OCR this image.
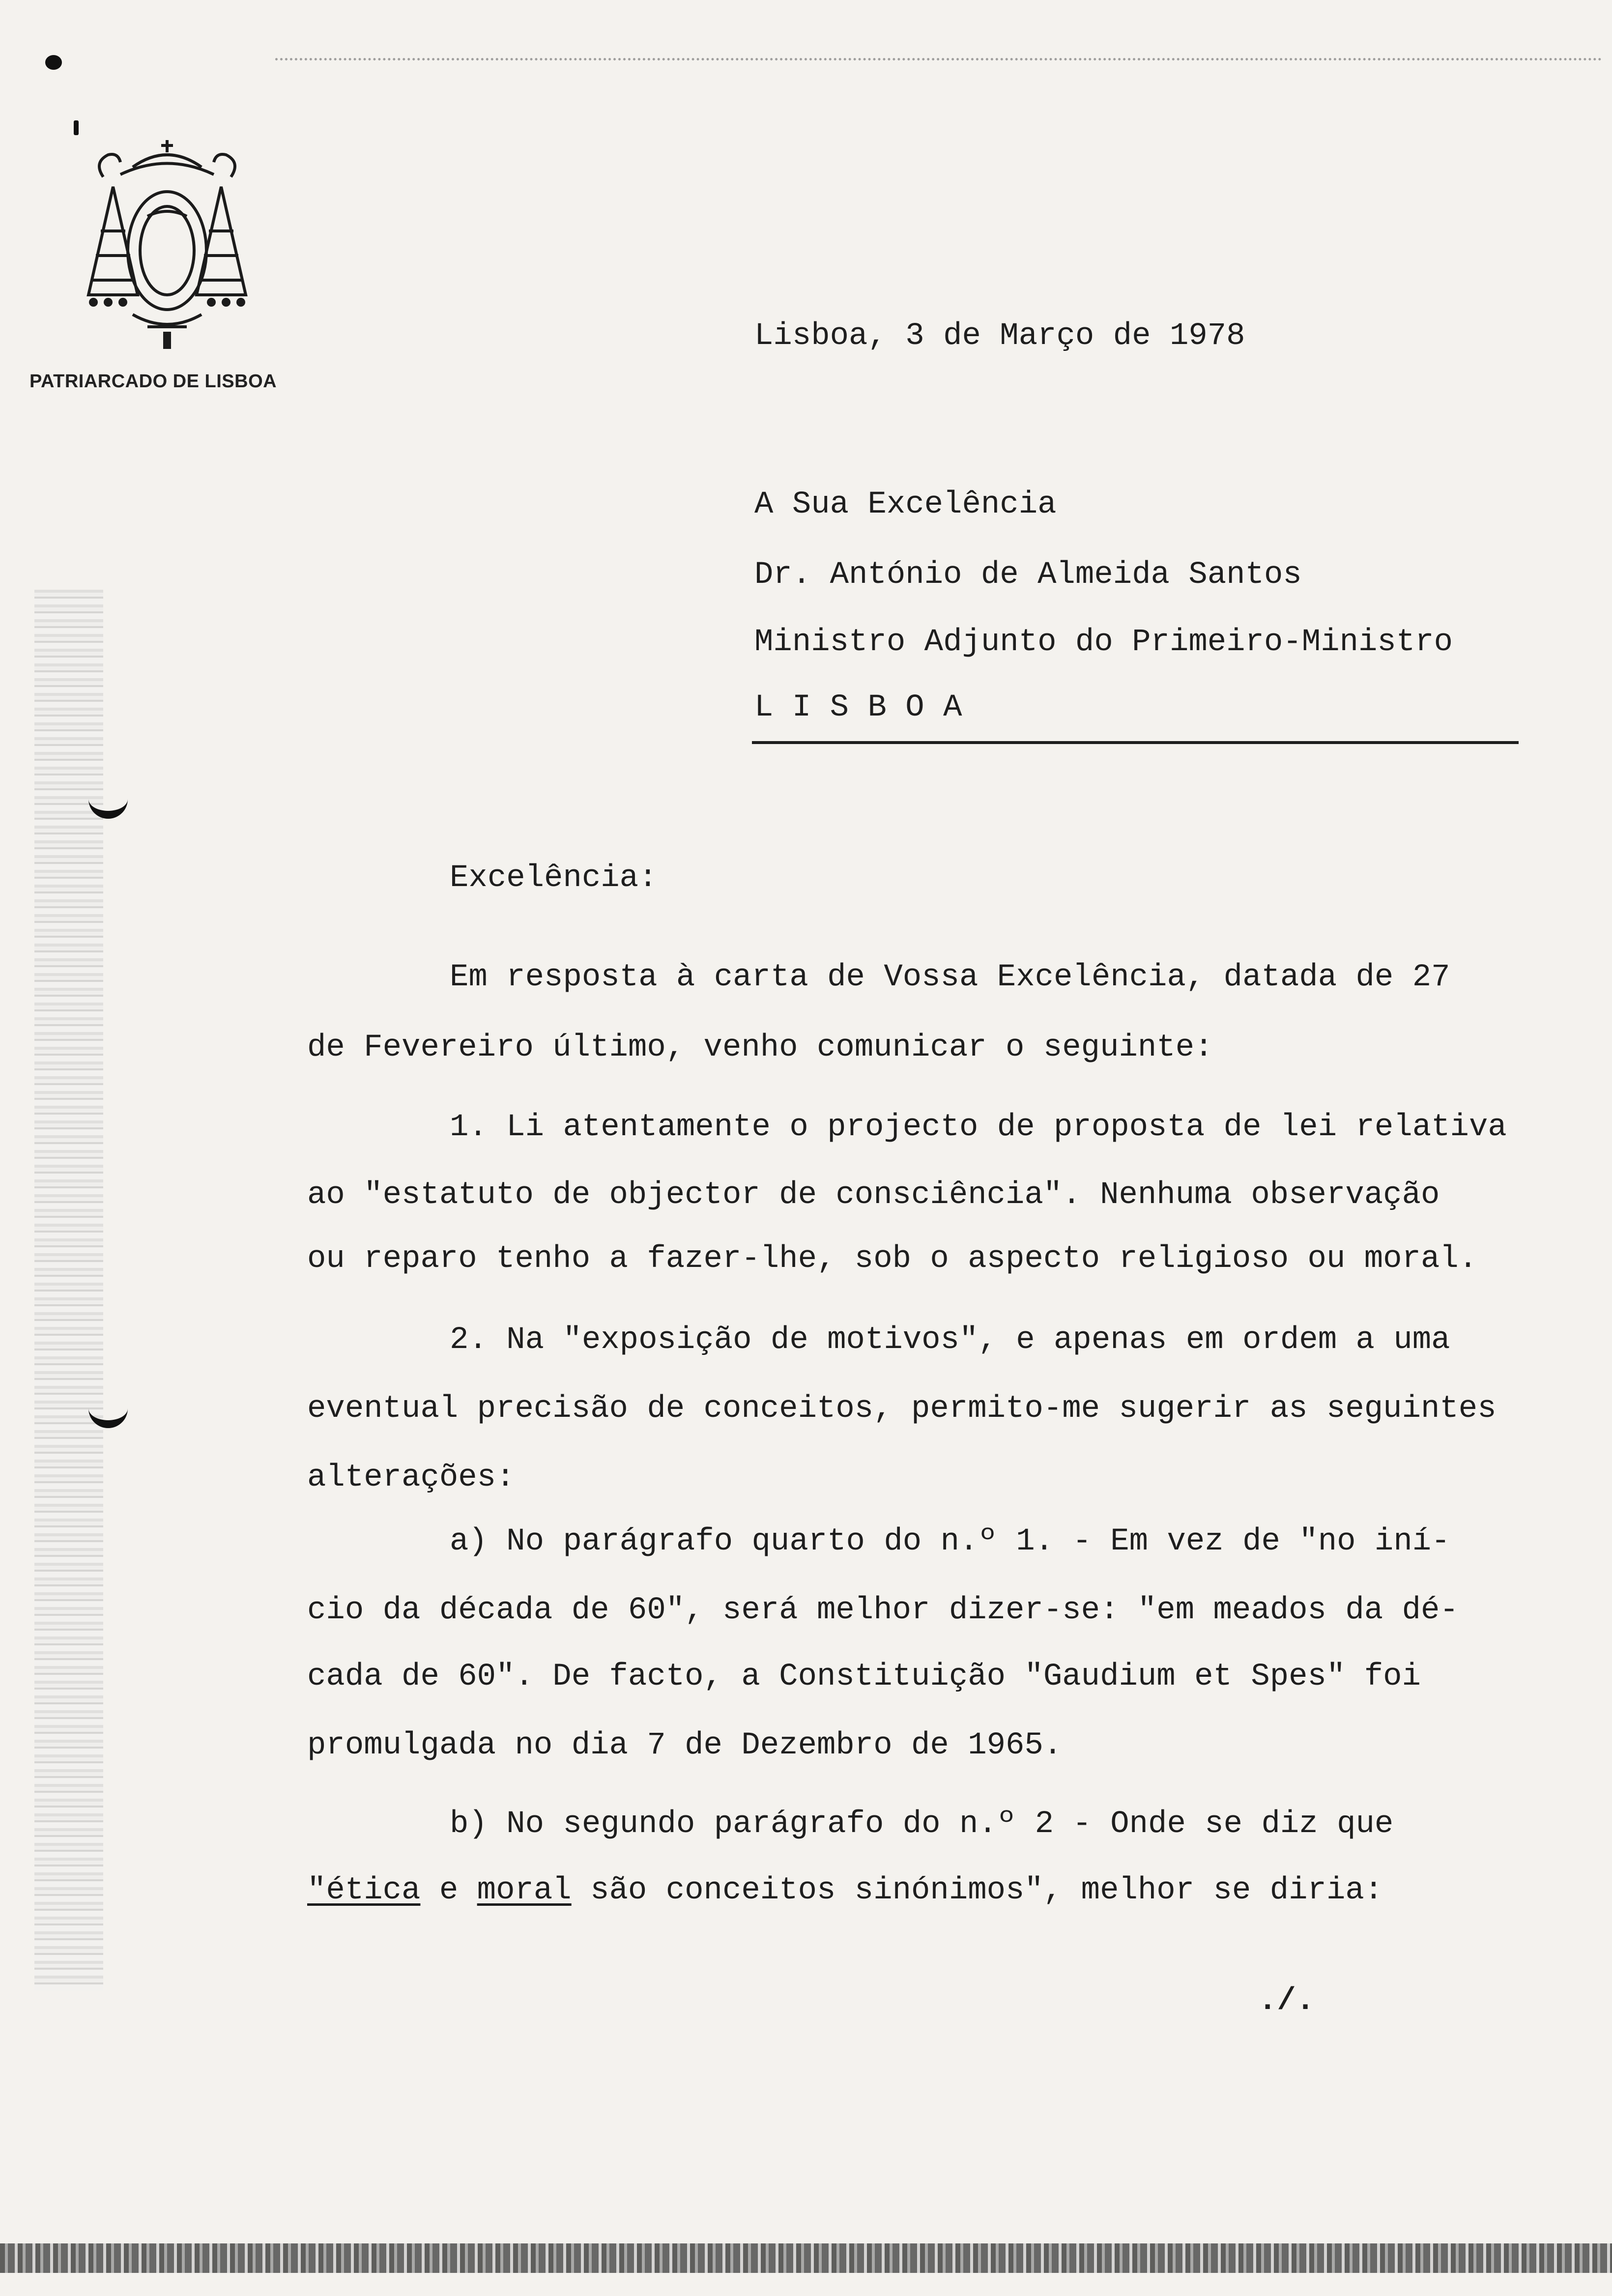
PATRIARCADO DE LISBOA
Lisboa, 3 de Março de 1978
A Sua Excelência
Dr. António de Almeida Santos
Ministro Adjunto do Primeiro-Ministro
L I S B O A
Excelência:
Em resposta à carta de Vossa Excelência, datada de 27
de Fevereiro último, venho comunicar o seguinte:
1. Li atentamente o projecto de proposta de lei relativa
ao "estatuto de objector de consciência". Nenhuma observação
ou reparo tenho a fazer-lhe, sob o aspecto religioso ou moral.
2. Na "exposição de motivos", e apenas em ordem a uma
eventual precisão de conceitos, permito-me sugerir as seguintes
alterações:
a) No parágrafo quarto do n.º 1. - Em vez de "no iní-
cio da década de 60", será melhor dizer-se: "em meados da dé-
cada de 60". De facto, a Constituição "Gaudium et Spes" foi
promulgada no dia 7 de Dezembro de 1965.
b) No segundo parágrafo do n.º 2 - Onde se diz que
"ética e moral são conceitos sinónimos", melhor se diria:
./.
